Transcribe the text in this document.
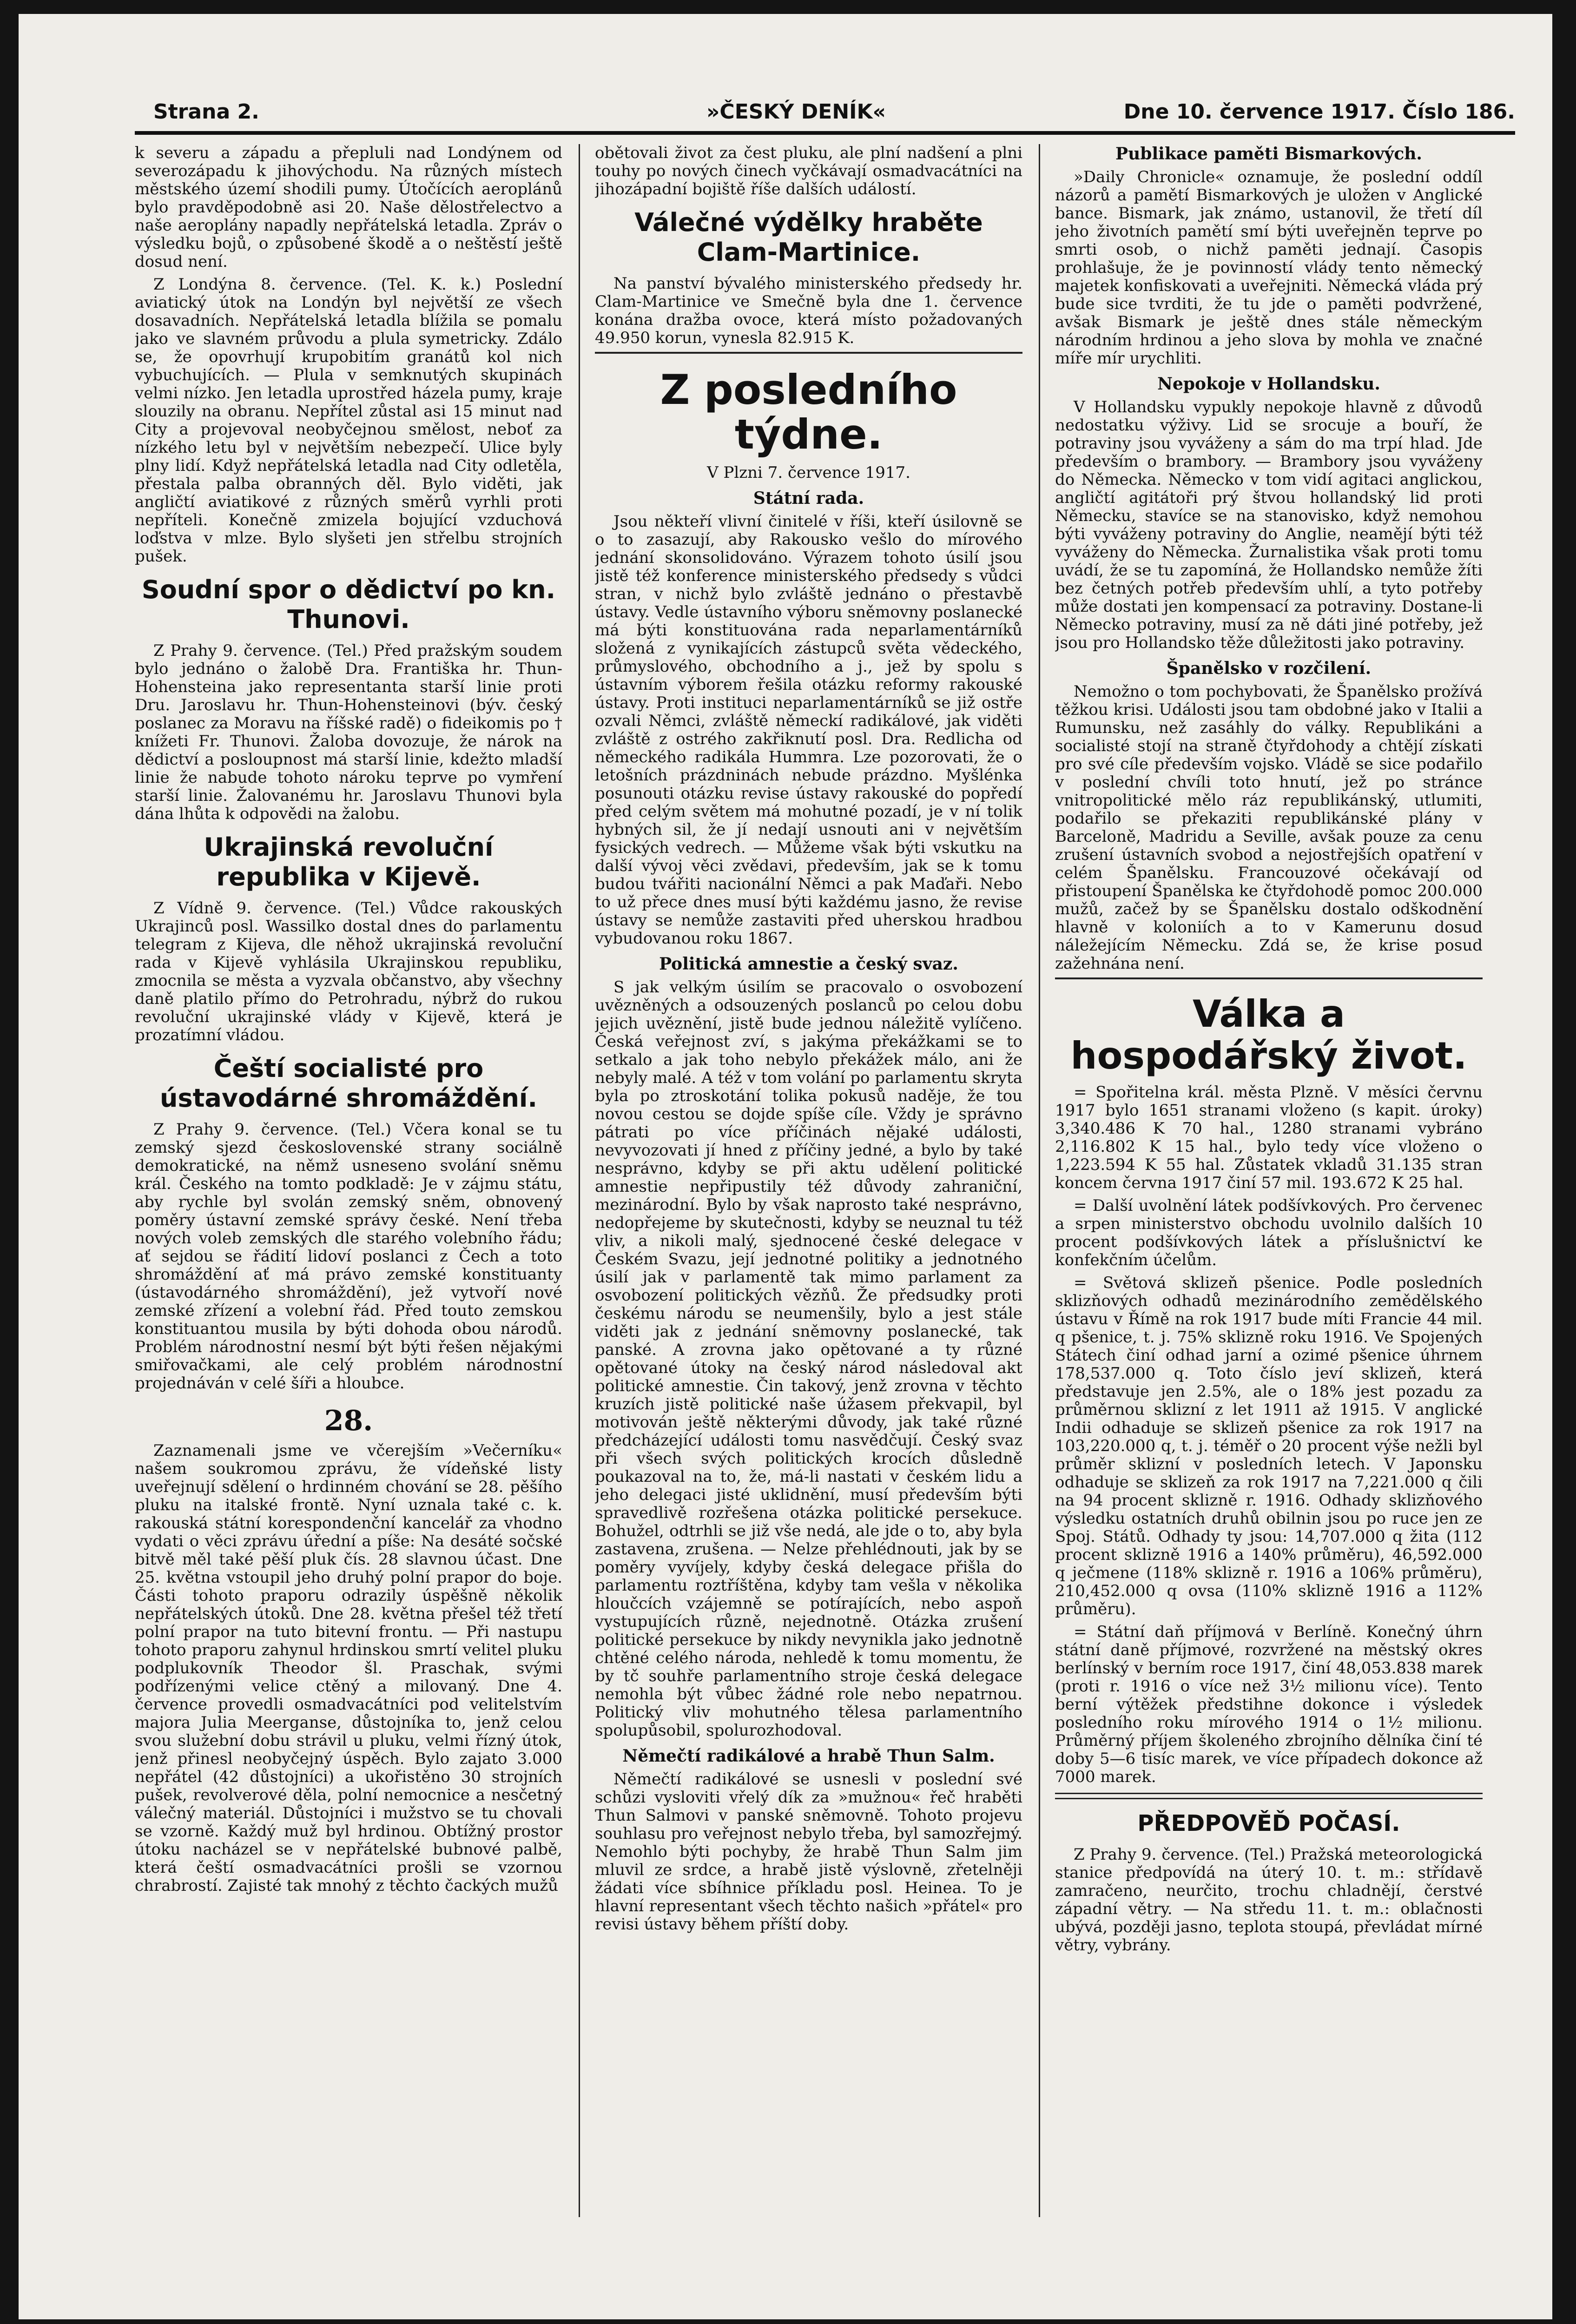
Strana 2.	»ČESKÝ DENÍK«	Dne 10. července 1917. Číslo 186.

k severu a západu a přepluli nad Londýnem od severozápadu k jihovýchodu. Na různých místech městského území shodili pumy. Útočících aeroplánů bylo pravděpodobně asi 20. Naše dělostřelectvo a naše aeroplány napadly nepřátelská letadla. Zpráv o výsledku bojů, o způsobené škodě a o neštěstí ještě dosud není.

Z Londýna 8. července. (Tel. K. k.) Poslední aviatický útok na Londýn byl největší ze všech dosavadních. Nepřátelská letadla blížila se pomalu jako ve slavném průvodu a plula symetricky. Zdálo se, že opovrhují krupobitím granátů kol nich vybuchujících. — Plula v semknutých skupinách velmi nízko. Jen letadla uprostřed házela pumy, kraje slouzily na obranu. Nepřítel zůstal asi 15 minut nad City a projevoval neobyčejnou smělost, neboť za nízkého letu byl v největším nebezpečí. Ulice byly plny lidí. Když nepřátelská letadla nad City odletěla, přestala palba obranných děl. Bylo viděti, jak angličtí aviatikové z různých směrů vyrhli proti nepříteli. Konečně zmizela bojující vzduchová loďstva v mlze. Bylo slyšeti jen střelbu strojních pušek.

Soudní spor o dědictví po kn. Thunovi.

Z Prahy 9. července. (Tel.) Před pražským soudem bylo jednáno o žalobě Dra. Františka hr. Thun-Hohensteina jako representanta starší linie proti Dru. Jaroslavu hr. Thun-Hohensteinovi (býv. český poslanec za Moravu na říšské radě) o fideikomis po † knížeti Fr. Thunovi. Žaloba dovozuje, že nárok na dědictví a posloupnost má starší linie, kdežto mladší linie že nabude tohoto nároku teprve po vymření starší linie. Žalovanému hr. Jaroslavu Thunovi byla dána lhůta k odpovědi na žalobu.

Ukrajinská revoluční republika v Kijevě.

Z Vídně 9. července. (Tel.) Vůdce rakouských Ukrajinců posl. Wassilko dostal dnes do parlamentu telegram z Kijeva, dle něhož ukrajinská revoluční rada v Kijevě vyhlásila Ukrajinskou republiku, zmocnila se města a vyzvala občanstvo, aby všechny daně platilo přímo do Petrohradu, nýbrž do rukou revoluční ukrajinské vlády v Kijevě, která je prozatímní vládou.

Čeští socialisté pro ústavodárné shromáždění.

Z Prahy 9. července. (Tel.) Včera konal se tu zemský sjezd československé strany sociálně demokratické, na němž usneseno svolání sněmu král. Českého na tomto podkladě: Je v zájmu státu, aby rychle byl svolán zemský sněm, obnovený poměry ústavní zemské správy české. Není třeba nových voleb zemských dle starého volebního řádu; ať sejdou se řádití lidoví poslanci z Čech a toto shromáždění ať má právo zemské konstituanty (ústavodárného shromáždění), jež vytvoří nové zemské zřízení a volební řád. Před touto zemskou konstituantou musila by býti dohoda obou národů. Problém národnostní nesmí být býti řešen nějakými smiřovačkami, ale celý problém národnostní projednáván v celé šíři a hloubce.

28.

Zaznamenali jsme ve včerejším »Večerníku« našem soukromou zprávu, že vídeňské listy uveřejnují sdělení o hrdinném chování se 28. pěšího pluku na italské frontě. Nyní uznala také c. k. rakouská státní korespondenční kancelář za vhodno vydati o věci zprávu úřední a píše: Na desáté sočské bitvě měl také pěší pluk čís. 28 slavnou účast. Dne 25. května vstoupil jeho druhý polní prapor do boje. Části tohoto praporu odrazily úspěšně několik nepřátelských útoků. Dne 28. května přešel též třetí polní prapor na tuto bitevní frontu. — Při nastupu tohoto praporu zahynul hrdinskou smrtí velitel pluku podplukovník Theodor šl. Praschak, svými podřízenými velice ctěný a milovaný. Dne 4. července provedli osmadvacátníci pod velitelstvím majora Julia Meerganse, důstojníka to, jenž celou svou služební dobu strávil u pluku, velmi řízný útok, jenž přinesl neobyčejný úspěch. Bylo zajato 3.000 nepřátel (42 důstojníci) a ukořistěno 30 strojních pušek, revolverové děla, polní nemocnice a nesčetný válečný materiál. Důstojníci i mužstvo se tu chovali se vzorně. Každý muž byl hrdinou. Obtížný prostor útoku nacházel se v nepřátelské bubnové palbě, která čeští osmadvacátníci prošli se vzornou chrabrostí. Zajisté tak mnohý z těchto čackých mužů

obětovali život za čest pluku, ale plní nadšení a plni touhy po nových činech vyčkávají osmadvacátníci na jihozápadní bojiště říše dalších událostí.

Válečné výdělky hraběte Clam-Martinice.

Na panství bývalého ministerského předsedy hr. Clam-Martinice ve Smečně byla dne 1. července konána dražba ovoce, která místo požadovaných 49.950 korun, vynesla 82.915 K.

Z posledního týdne.
V Plzni 7. července 1917.
Státní rada.

Jsou někteří vlivní činitelé v říši, kteří úsilovně se o to zasazují, aby Rakousko vešlo do mírového jednání skonsolidováno. Výrazem tohoto úsilí jsou jistě též konference ministerského předsedy s vůdci stran, v nichž bylo zvláště jednáno o přestavbě ústavy. Vedle ústavního výboru sněmovny poslanecké má býti konstituována rada neparlamentárníků složená z vynikajících zástupců světa vědeckého, průmyslového, obchodního a j., jež by spolu s ústavním výborem řešila otázku reformy rakouské ústavy. Proti instituci neparlamentárníků se již ostře ozvali Němci, zvláště německí radikálové, jak viděti zvláště z ostrého zakřiknutí posl. Dra. Redlicha od německého radikála Hummra. Lze pozorovati, že o letošních prázdninách nebude prázdno. Myšlénka posunouti otázku revise ústavy rakouské do popředí před celým světem má mohutné pozadí, je v ní tolik hybných sil, že jí nedají usnouti ani v největším fysických vedrech. — Můžeme však býti vskutku na další vývoj věci zvědavi, především, jak se k tomu budou tvářiti nacionální Němci a pak Maďaři. Nebo to už přece dnes musí býti každému jasno, že revise ústavy se nemůže zastaviti před uherskou hradbou vybudovanou roku 1867.

Politická amnestie a český svaz.

S jak velkým úsilím se pracovalo o osvobození uvězněných a odsouzených poslanců po celou dobu jejich uvěznění, jistě bude jednou náležitě vylíčeno. Česká veřejnost zví, s jakýma překážkami se to setkalo a jak toho nebylo překážek málo, ani že nebyly malé. A též v tom volání po parlamentu skryta byla po ztroskotání tolika pokusů naděje, že tou novou cestou se dojde spíše cíle. Vždy je správno pátrati po více příčinách nějaké události, nevyvozovati jí hned z příčiny jedné, a bylo by také nesprávno, kdyby se při aktu udělení politické amnestie nepřipustily též důvody zahraniční, mezinárodní. Bylo by však naprosto také nesprávno, nedopřejeme by skutečnosti, kdyby se neuznal tu též vliv, a nikoli malý, sjednocené české delegace v Českém Svazu, její jednotné politiky a jednotného úsilí jak v parlamentě tak mimo parlament za osvobození politických vězňů. Že předsudky proti českému národu se neumenšily, bylo a jest stále viděti jak z jednání sněmovny poslanecké, tak panské. A zrovna jako opětované a ty různé opětované útoky na český národ následoval akt politické amnestie. Čin takový, jenž zrovna v těchto kruzích jistě politické naše úžasem překvapil, byl motivován ještě některými důvody, jak také různé předcházející události tomu nasvědčují. Český svaz při všech svých politických krocích důsledně poukazoval na to, že, má-li nastati v českém lidu a jeho delegaci jisté uklidnění, musí především býti spravedlivě rozřešena otázka politické persekuce. Bohužel, odtrhli se již vše nedá, ale jde o to, aby byla zastavena, zrušena. — Nelze přehlédnouti, jak by se poměry vyvíjely, kdyby česká delegace přišla do parlamentu roztříštěna, kdyby tam vešla v několika hloučcích vzájemně se potírajících, nebo aspoň vystupujících různě, nejednotně. Otázka zrušení politické persekuce by nikdy nevynikla jako jednotně chtěné celého národa, nehledě k tomu momentu, že by tč souhře parlamentního stroje česká delegace nemohla být vůbec žádné role nebo nepatrnou. Politický vliv mohutného tělesa parlamentního spolupůsobil, spolurozhodoval.

Němečtí radikálové a hrabě Thun Salm.

Němečtí radikálové se usnesli v poslední své schůzi vysloviti vřelý dík za »mužnou« řeč hraběti Thun Salmovi v panské sněmovně. Tohoto projevu souhlasu pro veřejnost nebylo třeba, byl samozřejmý. Nemohlo býti pochyby, že hrabě Thun Salm jim mluvil ze srdce, a hrabě jistě výslovně, zřetelněji žádati více sbíhnice příkladu posl. Heinea. To je hlavní representant všech těchto našich »přátel« pro revisi ústavy během příští doby.

Publikace paměti Bismarkových.

»Daily Chronicle« oznamuje, že poslední oddíl názorů a pamětí Bismarkových je uložen v Anglické bance. Bismark, jak známo, ustanovil, že třetí díl jeho životních pamětí smí býti uveřejněn teprve po smrti osob, o nichž paměti jednají. Časopis prohlašuje, že je povinností vlády tento německý majetek konfiskovati a uveřejniti. Německá vláda prý bude sice tvrditi, že tu jde o paměti podvržené, avšak Bismark je ještě dnes stále německým národním hrdinou a jeho slova by mohla ve značné míře mír urychliti.

Nepokoje v Hollandsku.

V Hollandsku vypukly nepokoje hlavně z důvodů nedostatku výživy. Lid se srocuje a bouří, že potraviny jsou vyváženy a sám do ma trpí hlad. Jde především o brambory. — Brambory jsou vyváženy do Německa. Německo v tom vidí agitaci anglickou, angličtí agitátoři prý štvou hollandský lid proti Německu, stavíce se na stanovisko, když nemohou býti vyváženy potraviny do Anglie, neamějí býti též vyváženy do Německa. Žurnalistika však proti tomu uvádí, že se tu zapomíná, že Hollandsko nemůže žíti bez četných potřeb především uhlí, a tyto potřeby může dostati jen kompensací za potraviny. Dostane-li Německo potraviny, musí za ně dáti jiné potřeby, jež jsou pro Hollandsko těže důležitosti jako potraviny.

Španělsko v rozčilení.

Nemožno o tom pochybovati, že Španělsko prožívá těžkou krisi. Události jsou tam obdobné jako v Italii a Rumunsku, než zasáhly do války. Republikáni a socialisté stojí na straně čtyřdohody a chtějí získati pro své cíle především vojsko. Vládě se sice podařilo v poslední chvíli toto hnutí, jež po stránce vnitropolitické mělo ráz republikánský, utlumiti, podařilo se překaziti republikánské plány v Barceloně, Madridu a Seville, avšak pouze za cenu zrušení ústavních svobod a nejostřejších opatření v celém Španělsku. Francouzové očekávají od přistoupení Španělska ke čtyřdohodě pomoc 200.000 mužů, začež by se Španělsku dostalo odškodnění hlavně v koloniích a to v Kamerunu dosud náležejícím Německu. Zdá se, že krise posud zažehnána není.

Válka a hospodářský život.

= Spořitelna král. města Plzně. V měsíci červnu 1917 bylo 1651 stranami vloženo (s kapit. úroky) 3,340.486 K 70 hal., 1280 stranami vybráno 2,116.802 K 15 hal., bylo tedy více vloženo o 1,223.594 K 55 hal. Zůstatek vkladů 31.135 stran koncem června 1917 činí 57 mil. 193.672 K 25 hal.

= Další uvolnění látek podšívkových. Pro červenec a srpen ministerstvo obchodu uvolnilo dalších 10 procent podšívkových látek a příslušnictví ke konfekčním účelům.

= Světová sklizeň pšenice. Podle posledních sklizňových odhadů mezinárodního zemědělského ústavu v Římě na rok 1917 bude míti Francie 44 mil. q pšenice, t. j. 75% sklizně roku 1916. Ve Spojených Státech činí odhad jarní a ozimé pšenice úhrnem 178,537.000 q. Toto číslo jeví sklizeň, která představuje jen 2.5%, ale o 18% jest pozadu za průměrnou sklizní z let 1911 až 1915. V anglické Indii odhaduje se sklizeň pšenice za rok 1917 na 103,220.000 q, t. j. téměř o 20 procent výše nežli byl průměr sklizní v posledních letech. V Japonsku odhaduje se sklizeň za rok 1917 na 7,221.000 q čili na 94 procent sklizně r. 1916. Odhady sklizňového výsledku ostatních druhů obilnin jsou po ruce jen ze Spoj. Států. Odhady ty jsou: 14,707.000 q žita (112 procent sklizně 1916 a 140% průměru), 46,592.000 q ječmene (118% sklizně r. 1916 a 106% průměru), 210,452.000 q ovsa (110% sklizně 1916 a 112% průměru).

= Státní daň příjmová v Berlíně. Konečný úhrn státní daně příjmové, rozvržené na městský okres berlínský v berním roce 1917, činí 48,053.838 marek (proti r. 1916 o více než 3½ milionu více). Tento berní výtěžek předstihne dokonce i výsledek posledního roku mírového 1914 o 1½ milionu. Průměrný příjem školeného zbrojního dělníka činí té doby 5—6 tisíc marek, ve více případech dokonce až 7000 marek.

PŘEDPOVĚĎ POČASÍ.

Z Prahy 9. července. (Tel.) Pražská meteorologická stanice předpovídá na úterý 10. t. m.: střídavě zamračeno, neurčito, trochu chladnějí, čerstvé západní větry. — Na středu 11. t. m.: oblačnosti ubývá, později jasno, teplota stoupá, převládat mírné větry, vybrány.
